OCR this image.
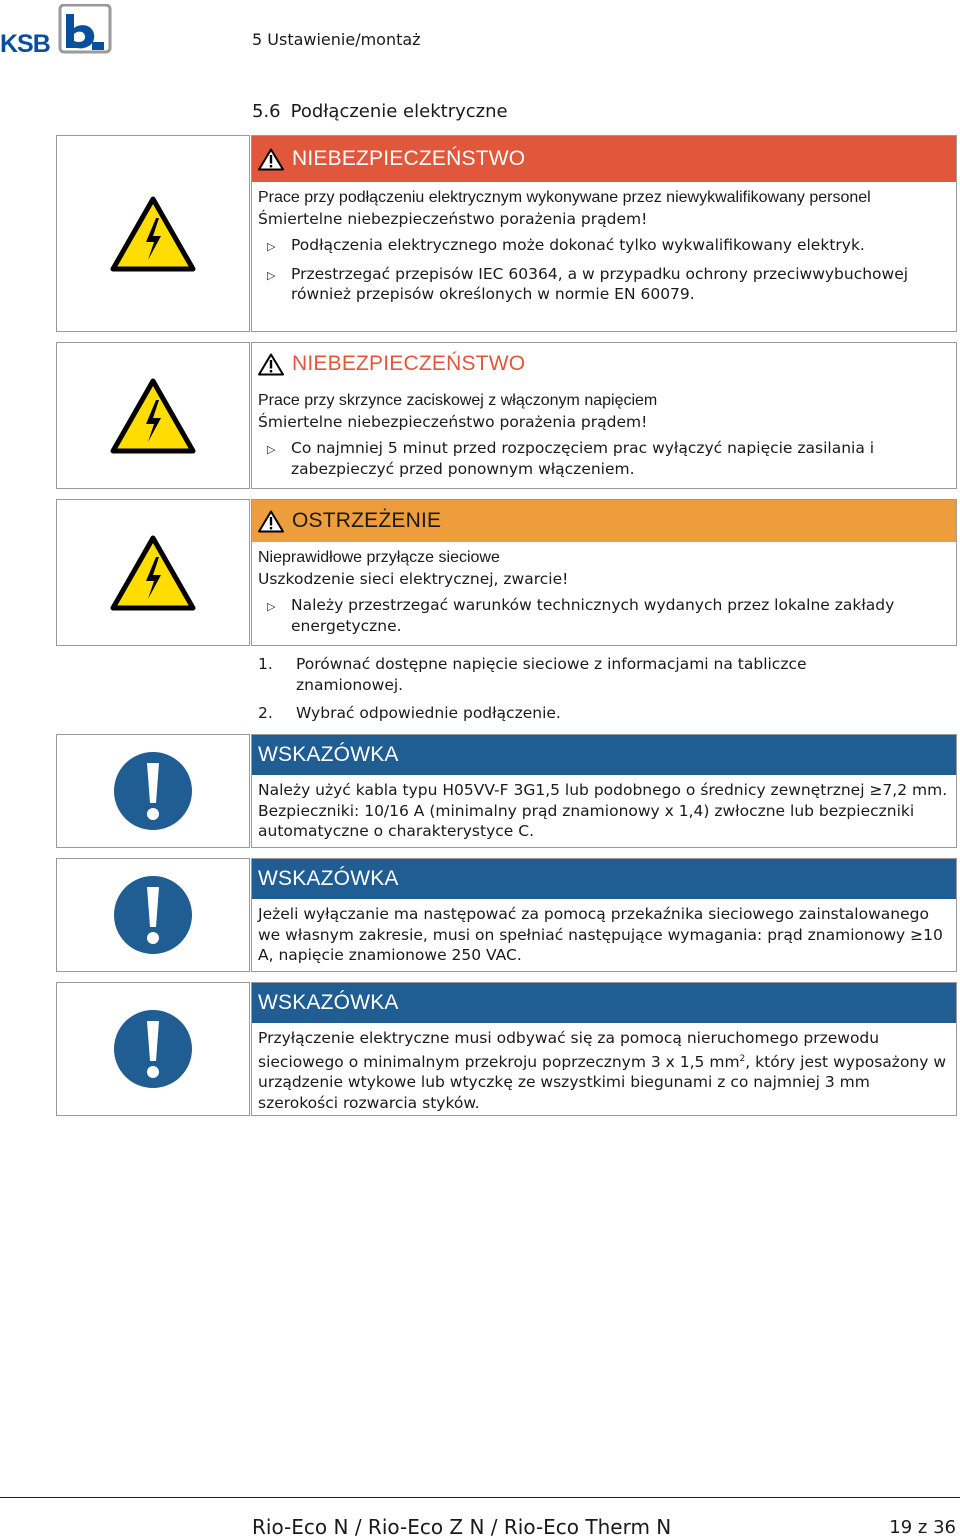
KSB	5 Ustawienie/montaż
5.6 Podłączenie elektryczne
NIEBEZPIECZEŃSTWO

Prace przy podłączeniu elektrycznym wykonywane przez niewykwalifikowany personel

Śmiertelne niebezpieczeństwo porażenia prądem!

▷	Podłączenia elektrycznego może dokonać tylko wykwalifikowany elektryk.
▷	Przestrzegać przepisów IEC 60364, a w przypadku ochrony przeciwwybuchowej również przepisów określonych w normie EN 60079.
NIEBEZPIECZEŃSTWO

Prace przy skrzynce zaciskowej z włączonym napięciem

Śmiertelne niebezpieczeństwo porażenia prądem!

▷	Co najmniej 5 minut przed rozpoczęciem prac wyłączyć napięcie zasilania i zabezpieczyć przed ponownym włączeniem.
OSTRZEŻENIE

Nieprawidłowe przyłącze sieciowe

Uszkodzenie sieci elektrycznej, zwarcie!

▷	Należy przestrzegać warunków technicznych wydanych przez lokalne zakłady energetyczne.
1.	Porównać dostępne napięcie sieciowe z informacjami na tabliczce znamionowej.
2.	Wybrać odpowiednie podłączenie.
WSKAZÓWKA

Należy użyć kabla typu H05VV-F 3G1,5 lub podobnego o średnicy zewnętrznej ≥7,2 mm. Bezpieczniki: 10/16 A (minimalny prąd znamionowy x 1,4) zwłoczne lub bezpieczniki automatyczne o charakterystyce C.

WSKAZÓWKA

Jeżeli wyłączanie ma następować za pomocą przekaźnika sieciowego zainstalowanego we własnym zakresie, musi on spełniać następujące wymagania: prąd znamionowy ≥10 A, napięcie znamionowe 250 VAC.

WSKAZÓWKA

Przyłączenie elektryczne musi odbywać się za pomocą nieruchomego przewodu sieciowego o minimalnym przekroju poprzecznym 3 x 1,5 $mm^2$, który jest wyposażony w urządzenie wtykowe lub wtyczkę ze wszystkimi biegunami z co najmniej 3 mm szerokości rozwarcia styków.

Rio-Eco N / Rio-Eco Z N / Rio-Eco Therm N	19 z 36
